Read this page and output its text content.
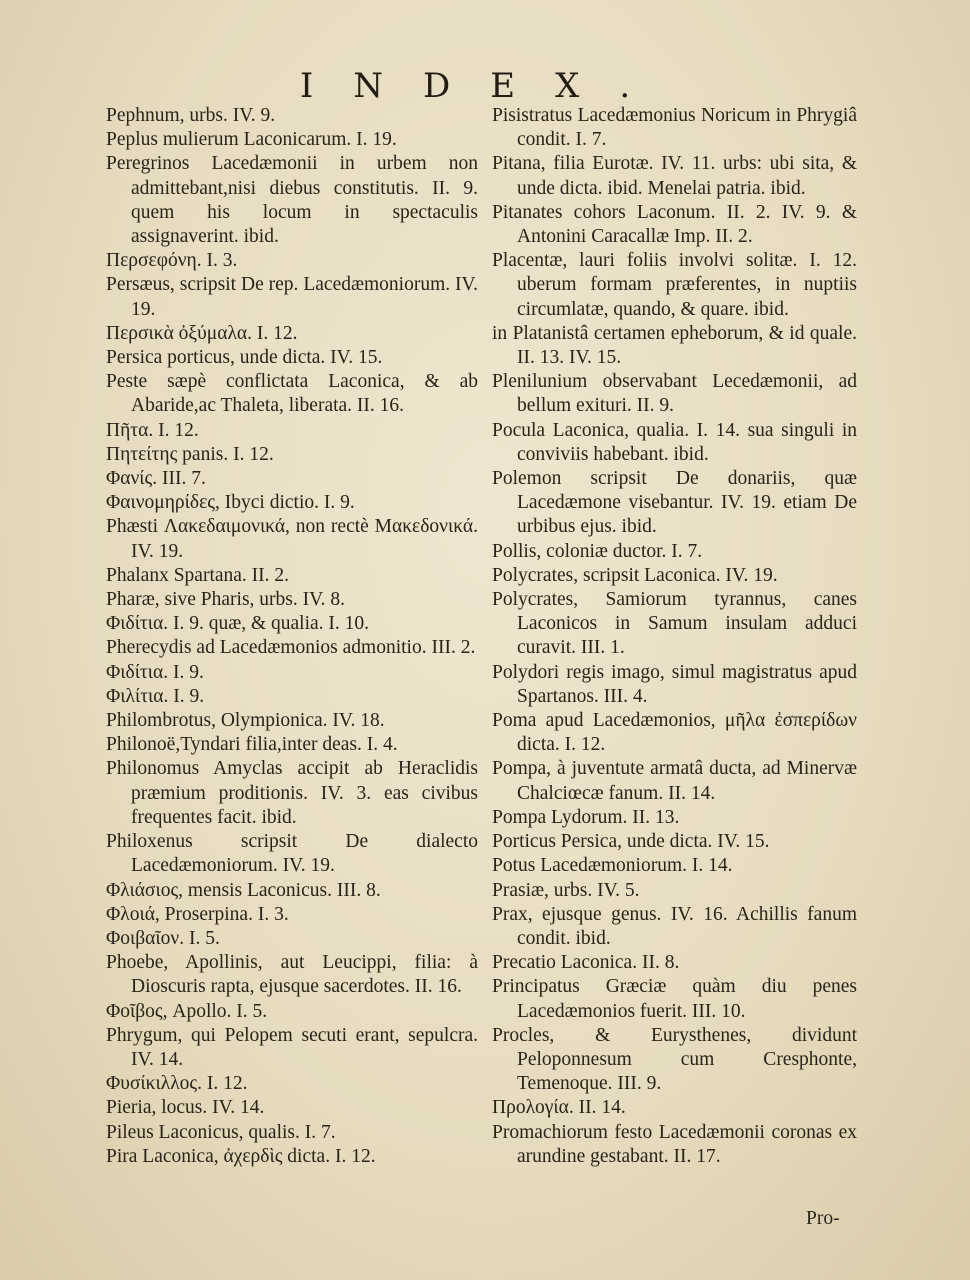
INDEX.

Pephnum, urbs. IV. 9.

Peplus mulierum Laconicarum. I. 19.

Peregrinos Lacedæmonii in urbem non admittebant,nisi diebus constitutis. II. 9. quem his locum in spectaculis assignaverint. ibid.

Περσεφόνη. I. 3.

Persæus, scripsit De rep. Lacedæmoniorum. IV. 19.

Περσικὰ ὀξύμαλα. I. 12.

Persica porticus, unde dicta. IV. 15.

Peste sæpè conflictata Laconica, & ab Abaride,ac Thaleta, liberata. II. 16.

Πῆτα. I. 12.

Πητείτης panis. I. 12.

Φανίς. III. 7.

Φαινομηρίδες, Ibyci dictio. I. 9.

Phæsti Λακεδαιμονικά, non rectè Μακεδονικά. IV. 19.

Phalanx Spartana. II. 2.

Pharæ, sive Pharis, urbs. IV. 8.

Φιδίτια. I. 9. quæ, & qualia. I. 10.

Pherecydis ad Lacedæmonios admonitio. III. 2.

Φιδίτια. I. 9.

Φιλίτια. I. 9.

Philombrotus, Olympionica. IV. 18.

Philonoë,Tyndari filia,inter deas. I. 4.

Philonomus Amyclas accipit ab Heraclidis præmium proditionis. IV. 3. eas civibus frequentes facit. ibid.

Philoxenus scripsit De dialecto Lacedæmoniorum. IV. 19.

Φλιάσιος, mensis Laconicus. III. 8.

Φλοιά, Proserpina. I. 3.

Φοιβαῖον. I. 5.

Phoebe, Apollinis, aut Leucippi, filia: à Dioscuris rapta, ejusque sacerdotes. II. 16.

Φοῖβος, Apollo. I. 5.

Phrygum, qui Pelopem secuti erant, sepulcra. IV. 14.

Φυσίκιλλος. I. 12.

Pieria, locus. IV. 14.

Pileus Laconicus, qualis. I. 7.

Pira Laconica, ἀχερδὶς dicta. I. 12.

Pisistratus Lacedæmonius Noricum in Phrygiâ condit. I. 7.

Pitana, filia Eurotæ. IV. 11. urbs: ubi sita, & unde dicta. ibid. Menelai patria. ibid.

Pitanates cohors Laconum. II. 2. IV. 9. & Antonini Caracallæ Imp. II. 2.

Placentæ, lauri foliis involvi solitæ. I. 12. uberum formam præferentes, in nuptiis circumlatæ, quando, & quare. ibid.

in Platanistâ certamen epheborum, & id quale. II. 13. IV. 15.

Plenilunium observabant Lecedæmonii, ad bellum exituri. II. 9.

Pocula Laconica, qualia. I. 14. sua singuli in conviviis habebant. ibid.

Polemon scripsit De donariis, quæ Lacedæmone visebantur. IV. 19. etiam De urbibus ejus. ibid.

Pollis, coloniæ ductor. I. 7.

Polycrates, scripsit Laconica. IV. 19.

Polycrates, Samiorum tyrannus, canes Laconicos in Samum insulam adduci curavit. III. 1.

Polydori regis imago, simul magistratus apud Spartanos. III. 4.

Poma apud Lacedæmonios, μῆλα ἐσπερίδων dicta. I. 12.

Pompa, à juventute armatâ ducta, ad Minervæ Chalciœcæ fanum. II. 14.

Pompa Lydorum. II. 13.

Porticus Persica, unde dicta. IV. 15.

Potus Lacedæmoniorum. I. 14.

Prasiæ, urbs. IV. 5.

Prax, ejusque genus. IV. 16. Achillis fanum condit. ibid.

Precatio Laconica. II. 8.

Principatus Græciæ quàm diu penes Lacedæmonios fuerit. III. 10.

Procles, & Eurysthenes, dividunt Peloponnesum cum Cresphonte, Temenoque. III. 9.

Προλογία. II. 14.

Promachiorum festo Lacedæmonii coronas ex arundine gestabant. II. 17.

Pro-
